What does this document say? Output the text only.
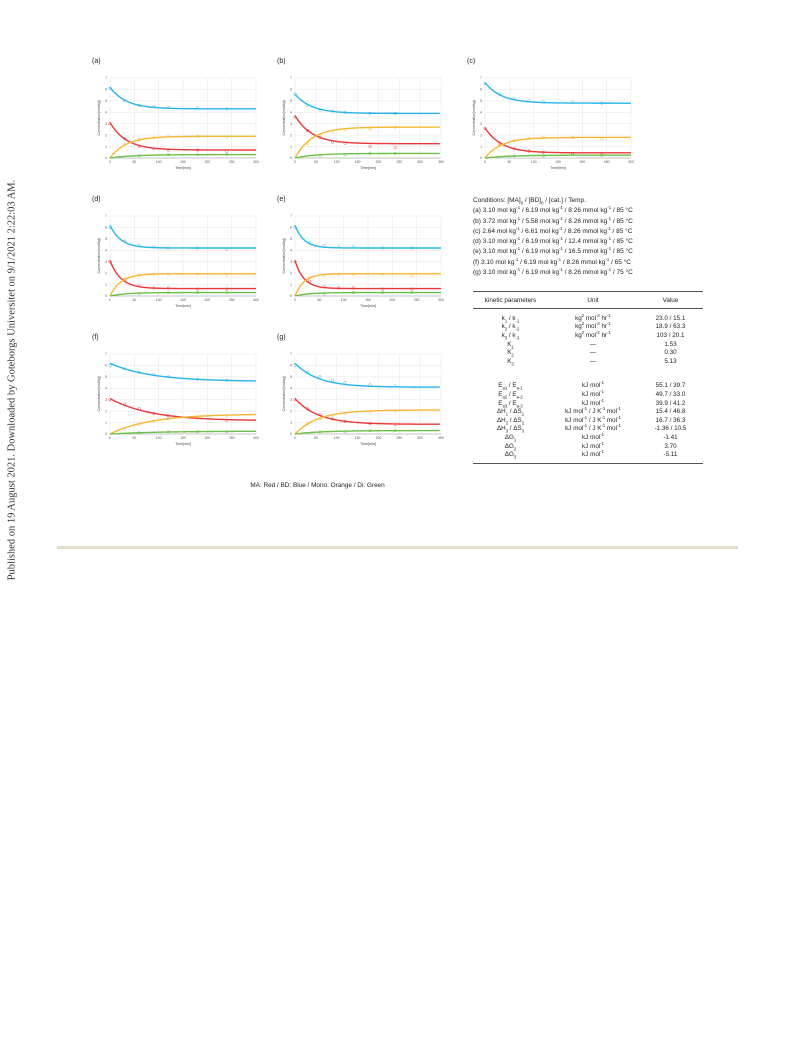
Published on 19 August 2021. Downloaded by Goteborgs Universitet on 9/1/2021 2:22:03 AM.
(a)
0
1
2
3
4
5
6
7
0	50	100	150	200	250	300
Time[min]
Concentration[mol/kg]
(b)
0
1
2
3
4
5
6
7
0	50	100	150	200	250	300	350
Time[min]
Concentration[mol/kg]
(c)
0
1
2
3
4
5
6
7
0	50	100	150	200	250	300
Time[min]
Concentration[mol/kg]
(d)
0
1
2
3
4
5
6
7
0	50	100	150	200	250	300
Time[min]
Concentration[mol/kg]
(e)
0
1
2
3
4
5
6
7
0	50	100	150	200	250	300
Time[min]
Concentration[mol/kg]
(f)
0
1
2
3
4
5
6
7
0	50	100	150	200	250	300
Time[min]
Concentration[mol/kg]
(g)
0
1
2
3
4
5
6
7
0	50	100	150	200	250	300	350
Time[min]
Concentration[mol/kg]
MA: Red / BD: Blue / Mono: Orange / Di: Green
Conditions: $[MA]_0 / [BD]_0 / [cat.]$ / Temp.
(a) 3.10 mol $kg^{-1} / 6.19$ mol $kg^{-1} / 8.26$ mmol $kg^{-1} / 85$ °C
(b) 3.72 mol $kg^{-1} / 5.58$ mol $kg^{-1} / 8.26$ mmol $kg^{-1} / 85$ °C
(c) 2.64 mol $kg^{-1} / 6.61$ mol $kg^{-1} / 8.26$ mmol $kg^{-1} / 85$ °C
(d) 3.10 mol $kg^{-1} / 6.19$ mol $kg^{-1} / 12.4$ mmol $kg^{-1} / 85$ °C
(e) 3.10 mol $kg^{-1} / 6.19$ mol $kg^{-1} / 16.5$ mmol $kg^{-1} / 85$ °C
(f) 3.10 mol $kg^{-1} / 6.19$ mol $kg^{-1} / 8.26$ mmol $kg^{-1} / 65$ °C
(g) 3.10 mol $kg^{-1} / 6.19$ mol $kg^{-1} / 8.26$ mmol $kg^{-1} / 75$ °C
kinetic parameters	Unit	Value
$k_1 / k_{-1}$	$kg^2$ mol$^{-2}$ $hr^{-1}$	23.0 / 15.1
$k_2 / k_{-2}$	$kg^2$ mol$^{-2}$ $hr^{-1}$	18.9 / 63.3
$k_3 / k_{-3}$	$kg^2$ mol$^{-2}$ $hr^{-1}$	103 / 20.1
$K_1$	—	1.53
$K_2$	—	0.30
$K_3$	—	5.13
$E_{a1} / E_{a-1}$	kJ mol$^{-1}$	55.1 / 39.7
$E_{a2} / E_{a-2}$	kJ mol$^{-1}$	49.7 / 33.0
$E_{a3} / E_{a-3}$	kJ mol$^{-1}$	39.9 / 41.2
$\Delta H_1 / \Delta S_1$	kJ mol$^{-1}$ / J $K^{-1}$ mol$^{-1}$	15.4 / 46.8
$\Delta H_2 / \Delta S_2$	kJ mol$^{-1}$ / J $K^{-1}$ mol$^{-1}$	16.7 / 36.3
$\Delta H_3 / \Delta S_3$	kJ mol$^{-1}$ / J $K^{-1}$ mol$^{-1}$	-1.36 / 10.5
$\Delta G_1$	kJ mol$^{-1}$	-1.41
$\Delta G_2$	kJ mol$^{-1}$	3.70
$\Delta G_3$	kJ mol$^{-1}$	-5.11
